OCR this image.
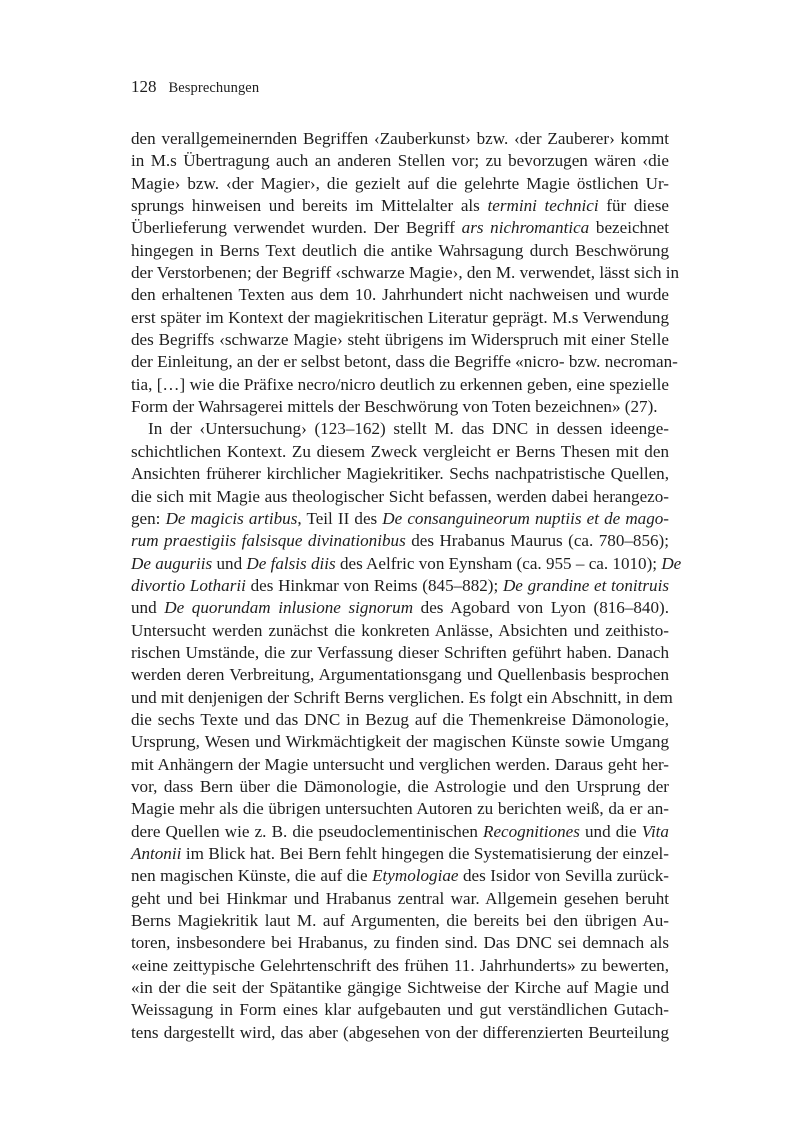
128 Besprechungen
den verallgemeinernden Begriffen ‹Zauberkunst› bzw. ‹der Zauberer› kommt
in M.s Übertragung auch an anderen Stellen vor; zu bevorzugen wären ‹die
Magie› bzw. ‹der Magier›, die gezielt auf die gelehrte Magie östlichen Ur-
sprungs hinweisen und bereits im Mittelalter als termini technici für diese
Überlieferung verwendet wurden. Der Begriff ars nichromantica bezeichnet
hingegen in Berns Text deutlich die antike Wahrsagung durch Beschwörung
der Verstorbenen; der Begriff ‹schwarze Magie›, den M. verwendet, lässt sich in
den erhaltenen Texten aus dem 10. Jahrhundert nicht nachweisen und wurde
erst später im Kontext der magiekritischen Literatur geprägt. M.s Verwendung
des Begriffs ‹schwarze Magie› steht übrigens im Widerspruch mit einer Stelle
der Einleitung, an der er selbst betont, dass die Begriffe «nicro- bzw. necroman-
tia, […] wie die Präfixe necro/nicro deutlich zu erkennen geben, eine spezielle
Form der Wahrsagerei mittels der Beschwörung von Toten bezeichnen» (27).
In der ‹Untersuchung› (123–162) stellt M. das DNC in dessen ideenge-
schichtlichen Kontext. Zu diesem Zweck vergleicht er Berns Thesen mit den
Ansichten früherer kirchlicher Magiekritiker. Sechs nachpatristische Quellen,
die sich mit Magie aus theologischer Sicht befassen, werden dabei herangezo-
gen: De magicis artibus, Teil II des De consanguineorum nuptiis et de mago-
rum praestigiis falsisque divinationibus des Hrabanus Maurus (ca. 780–856);
De auguriis und De falsis diis des Aelfric von Eynsham (ca. 955 – ca. 1010); De
divortio Lotharii des Hinkmar von Reims (845–882); De grandine et tonitruis
und De quorundam inlusione signorum des Agobard von Lyon (816–840).
Untersucht werden zunächst die konkreten Anlässe, Absichten und zeithisto-
rischen Umstände, die zur Verfassung dieser Schriften geführt haben. Danach
werden deren Verbreitung, Argumentationsgang und Quellenbasis besprochen
und mit denjenigen der Schrift Berns verglichen. Es folgt ein Abschnitt, in dem
die sechs Texte und das DNC in Bezug auf die Themenkreise Dämonologie,
Ursprung, Wesen und Wirkmächtigkeit der magischen Künste sowie Umgang
mit Anhängern der Magie untersucht und verglichen werden. Daraus geht her-
vor, dass Bern über die Dämonologie, die Astrologie und den Ursprung der
Magie mehr als die übrigen untersuchten Autoren zu berichten weiß, da er an-
dere Quellen wie z. B. die pseudoclementinischen Recognitiones und die Vita
Antonii im Blick hat. Bei Bern fehlt hingegen die Systematisierung der einzel-
nen magischen Künste, die auf die Etymologiae des Isidor von Sevilla zurück-
geht und bei Hinkmar und Hrabanus zentral war. Allgemein gesehen beruht
Berns Magiekritik laut M. auf Argumenten, die bereits bei den übrigen Au-
toren, insbesondere bei Hrabanus, zu finden sind. Das DNC sei demnach als
«eine zeittypische Gelehrtenschrift des frühen 11. Jahrhunderts» zu bewerten,
«in der die seit der Spätantike gängige Sichtweise der Kirche auf Magie und
Weissagung in Form eines klar aufgebauten und gut verständlichen Gutach-
tens dargestellt wird, das aber (abgesehen von der differenzierten Beurteilung
